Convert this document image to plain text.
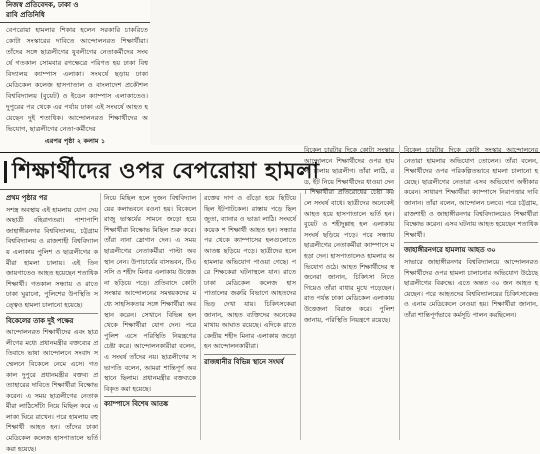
নিজস্ব প্রতিবেদক, ঢাকা ও
রাবি প্রতিনিধি
বেপরোয়া হামলার শিকার হলেন সরকারি চাকরিতে কোটা সংস্কারের দাবিতে আন্দোলনরত শিক্ষার্থীরা। তাঁদের সঙ্গে ছাত্রলীগের যুবলীগের নেতাকর্মীদের সংঘর্ষে গতকাল সোমবার রণক্ষেত্রে পরিণত হয় ঢাকা বিশ্ববিদ্যালয় ক্যাম্পাস এলাকা। সংঘর্ষে ছড়ায় ঢাকা মেডিকেল কলেজ হাসপাতাল ও বাংলাদেশ প্রকৌশল বিশ্ববিদ্যালয় (বুয়েট) ও ইডেন ক্যাম্পাস এলাকাতেও। দুপুরের পর থেকে এর পর্যায় ঢাকা এই সংঘর্ষে আহত হয়েছেন দুই শতাধিক। আন্দোলনরত শিক্ষার্থীদের অভিযোগ, ছাত্রলীগের নেতা-কর্মীদের
এরপর পৃষ্ঠা ২ কলাম ১
শিক্ষার্থীদের ওপর বেপরোয়া হামলা
প্রথম পৃষ্ঠার পর
সশস্ত্র অবস্থায় এই হামলায় যোগ দেয় অছাত্রী বহিরাগতরা। পাশাপাশি জাহাঙ্গীরনগর বিশ্ববিদ্যালয়, চট্টগ্রাম বিশ্ববিদ্যালয় ও রাজশাহী বিশ্ববিদ্যালয় এলাকায় পুলিশ ও ছাত্রলীগের কর্মীরা হামলা চালায়। এই তিন জায়গাতেও আহত হয়েছেন শতাধিক শিক্ষার্থী। গতকাল সন্ধ্যায় ও রাতে ঢাকা ঘুরানো, পুলিশের উপস্থিতি সত্ত্বেও হামলা চালানো হয়েছে।
বিকেলের তাক দুই পক্ষের
আন্দোলনরত শিক্ষার্থীদের এবং ছাত্রলীগের মধ্যে প্রধানমন্ত্রীর বক্তব্যের প্রতিবাদে ভাষা আন্দোলনে সংবাদ সম্মেলনে বিকেলে নেমে এসে। গতকাল দুপুরে প্রধানমন্ত্রীর বক্তব্য প্রত্যাহারের দাবিতে শিক্ষার্থীরা বিক্ষোভ করেন। এ সময় ছাত্রলীগের নেতাকর্মীরা লাঠিসোঁটা নিয়ে মিছিল করে এলাকা ঘিরে রাখেন। পরে হামলায় বহু শিক্ষার্থী আহত হন। তাঁদের ঢাকা মেডিকেল কলেজ হাসপাতালে ভর্তি করা হয়েছে।
নিয়ে মিছিল হলে দুজন বিশ্ববিদ্যালয়ের কলাভবনে রওনা হয়। বিকেলে রাজু ভাস্কর্যের সামনে জড়ো হয়ে শিক্ষার্থীরা বিক্ষোভ মিছিল শুরু করে। তাঁরা নানা স্লোগান দেন। এ সময় ছাত্রলীগের নেতাকর্মীরা পাল্টা অবস্থান নেন। উপাচার্যের বাসভবন, টিএসসি ও শহীদ মিনার এলাকায় উত্তেজনা ছড়িয়ে পড়ে। প্রতিবাদে কোটা সংস্কার আন্দোলনের সমন্বয়কদের মধ্যে সাহসিকতার সঙ্গে শিক্ষার্থীরা অবস্থান করেন। সেখানে বিভিন্ন হল থেকে শিক্ষার্থীরা যোগ দেন। পরে পুলিশ এসে পরিস্থিতি নিয়ন্ত্রণের চেষ্টা করে। আন্দোলনকারীরা বলেন, এ সংঘর্ষ তাঁদের নয়। ছাত্রলীগের সভাপতি বলেন, আমরা শান্তিপূর্ণ অবস্থানে ছিলাম। প্রধানমন্ত্রীর বক্তব্যকে বিকৃত করা হয়েছে।
ক্যাম্পাসে বিশেষ আতঙ্ক
রক্তের দাগ ও গুঁড়ো হয়ে ছিটিয়ে ছিল ইটপাটকেল। রাস্তায় পড়ে ছিল জুতা, ব্যানার ও ভাঙা লাঠি। সংঘর্ষে কয়েক শ শিক্ষার্থী আহত হন। সন্ধ্যার পর থেকে ক্যাম্পাসের হলগুলোতে আতঙ্ক ছড়িয়ে পড়ে। ছাত্রীদের হলে হামলার অভিযোগ পাওয়া গেছে। পরে শিক্ষকেরা ঘটনাস্থলে যান। রাতে ঢাকা মেডিকেল কলেজ হাসপাতালের জরুরি বিভাগে আহতদের ভিড় দেখা যায়। চিকিৎসকেরা জানান, আহত ব্যক্তিদের অনেকের মাথায় আঘাত রয়েছে। এদিকে রাতে কেন্দ্রীয় শহীদ মিনার এলাকায় জড়ো হন আন্দোলনকারীরা।
রাজধানীর বিভিন্ন স্থানে সংঘর্ষ
বিকেল চারটার দিকে কোটা সংস্কার আন্দোলনে শিক্ষার্থীদের ওপর হামলা চালায় ছাত্রলীগ। তাঁরা লাঠি, রড, ইট নিয়ে শিক্ষার্থীদের ধাওয়া দেন। শিক্ষার্থীরা প্রতিরোধের চেষ্টা করলে সংঘর্ষ বাধে। ছাত্রীদের অনেকেই আহত হয়ে হাসপাতালে ভর্তি হন। বুয়েট ও শহীদুল্লাহ হল এলাকায় সংঘর্ষ ছড়িয়ে পড়ে। পরে সন্ধ্যায় ছাত্রলীগের নেতাকর্মীরা ক্যাম্পাসে মহড়া দেন। হাসপাতালেও হামলার অভিযোগ ওঠে। আহত শিক্ষার্থীদের স্বজনেরা জানান, চিকিৎসা নিতে গিয়েও তাঁরা বাধার মুখে পড়েছেন। রাত পর্যন্ত ঢাকা মেডিকেল এলাকায় উত্তেজনা বিরাজ করে। পুলিশ জানায়, পরিস্থিতি নিয়ন্ত্রণে রয়েছে।
বিকেল চারটার দিকে কোটা সংস্কার আন্দোলনের নেতারা হামলার অভিযোগ তোলেন। তাঁরা বলেন, শিক্ষার্থীদের ওপর পরিকল্পিতভাবে হামলা চালানো হয়েছে। ছাত্রলীগের নেতারা এসব অভিযোগ অস্বীকার করেন। সাধারণ শিক্ষার্থীরা ক্যাম্পাসে নিরাপত্তার দাবি জানান। তাঁরা বলেন, আন্দোলন চলবে। পরে চট্টগ্রাম, রাজশাহী ও জাহাঙ্গীরনগর বিশ্ববিদ্যালয়েও শিক্ষার্থীরা বিক্ষোভ করেন। এসব ঘটনায় আহত হয়েছেন শতাধিক শিক্ষার্থী।
জাহাঙ্গীরনগরে হামলায় আহত ৩০
সাভারে জাহাঙ্গীরনগর বিশ্ববিদ্যালয়ে আন্দোলনরত শিক্ষার্থীদের ওপর হামলা চালানোর অভিযোগ উঠেছে ছাত্রলীগের বিরুদ্ধে। এতে অন্তত ৩০ জন আহত হয়েছেন। পরে আহতদের বিশ্ববিদ্যালয়ের চিকিৎসাকেন্দ্র ও এনাম মেডিকেলে নেওয়া হয়। শিক্ষার্থীরা জানান, তাঁরা শান্তিপূর্ণভাবে কর্মসূচি পালন করছিলেন।
